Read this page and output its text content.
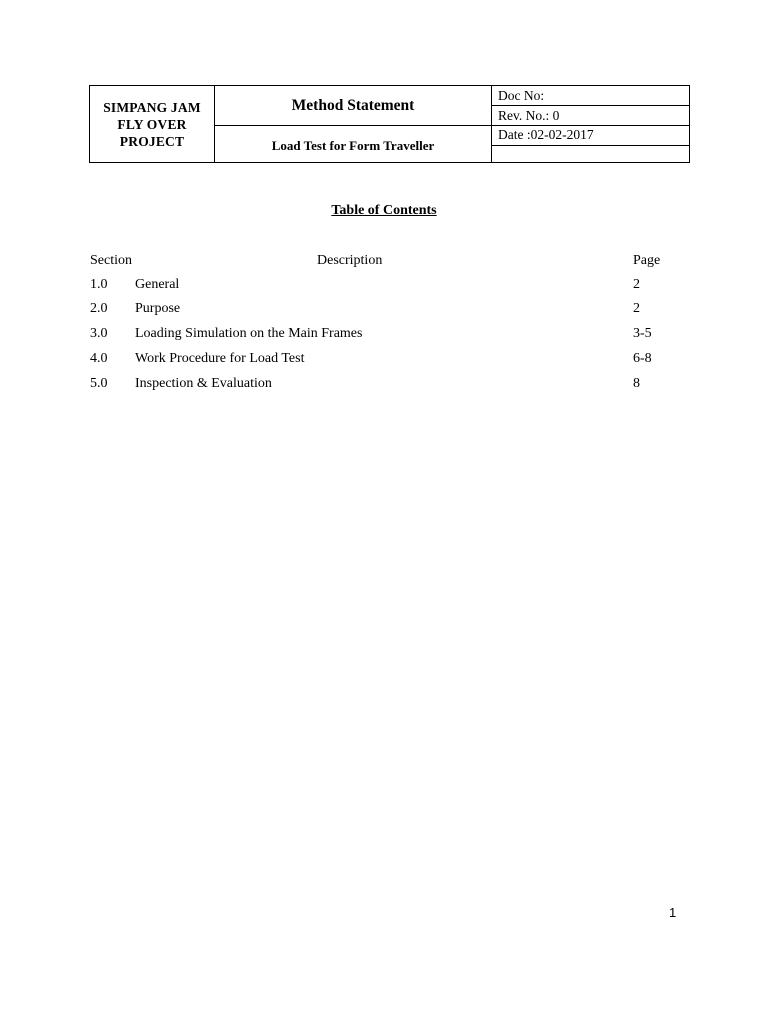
SIMPANG JAM
FLY OVER
PROJECT	Method Statement	Doc No:
		Rev. No.: 0
	Load Test for Form Traveller	Date :02-02-2017

Table of Contents
Section	Description	Page
1.0 General	2
2.0 Purpose	2
3.0 Loading Simulation on the Main Frames	3-5
4.0 Work Procedure for Load Test	6-8
5.0 Inspection & Evaluation	8
1
